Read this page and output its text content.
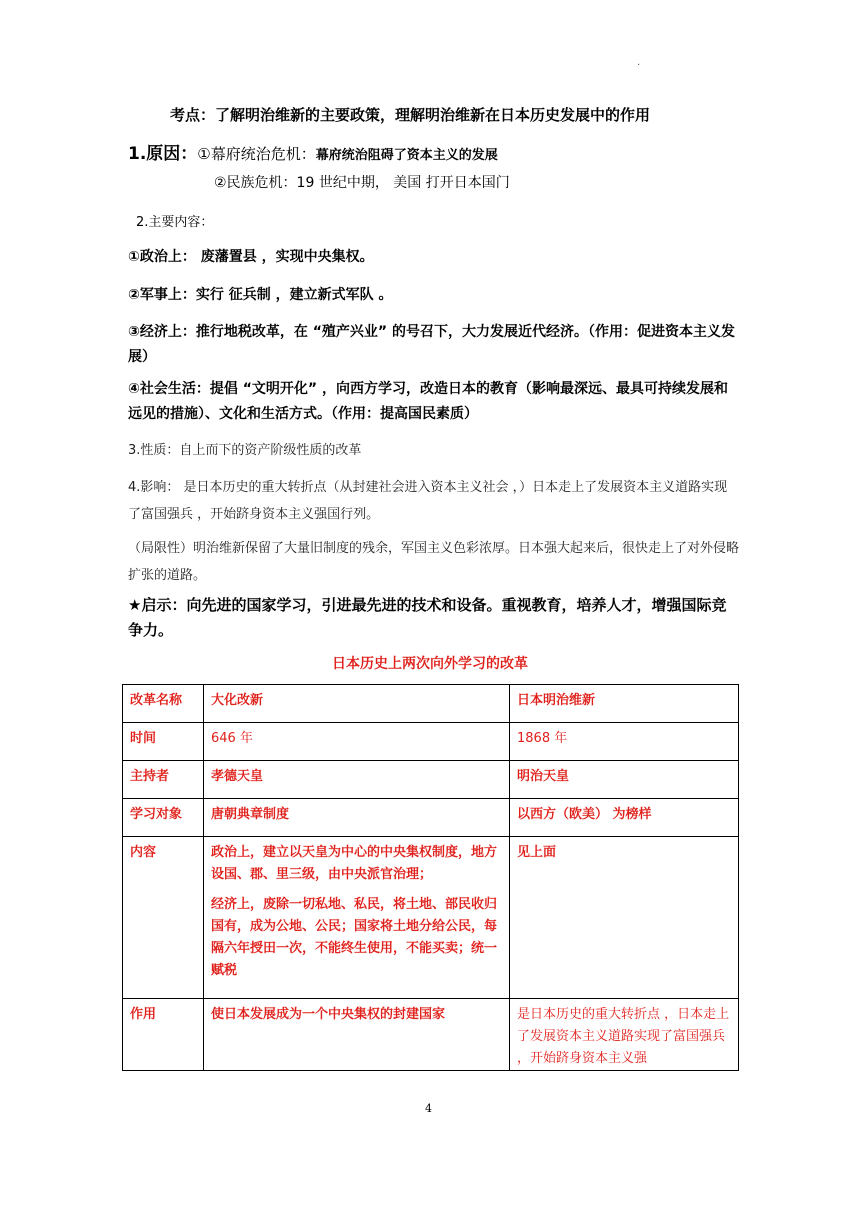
·
考点：了解明治维新的主要政策，理解明治维新在日本历史发展中的作用
1.原因：①幕府统治危机：幕府统治阻碍了资本主义的发展
②民族危机：19 世纪中期， 美国 打开日本国门
2.主要内容：
①政治上： 废藩置县 ，实现中央集权。
②军事上：实行 征兵制 ，建立新式军队 。
③经济上：推行地税改革，在 “殖产兴业” 的号召下，大力发展近代经济。（作用：促进资本主义发展）
④社会生活：提倡 “文明开化” ，向西方学习，改造日本的教育（影响最深远、最具可持续发展和远见的措施）、文化和生活方式。（作用：提高国民素质）
3.性质：自上而下的资产阶级性质的改革
4.影响： 是日本历史的重大转折点（从封建社会进入资本主义社会 ，）日本走上了发展资本主义道路实现了富国强兵 ，开始跻身资本主义强国行列。
（局限性）明治维新保留了大量旧制度的残余，军国主义色彩浓厚。日本强大起来后，很快走上了对外侵略扩张的道路。
★启示：向先进的国家学习，引进最先进的技术和设备。重视教育，培养人才，增强国际竞争力。
日本历史上两次向外学习的改革
改革名称	大化改新	日本明治维新
时间	646 年	1868 年
主持者	孝德天皇	明治天皇
学习对象	唐朝典章制度	以西方（欧美） 为榜样
内容	政治上，建立以天皇为中心的中央集权制度，地方设国、郡、里三级，由中央派官治理；

经济上，废除一切私地、私民，将土地、部民收归国有，成为公地、公民；国家将土地分给公民，每隔六年授田一次，不能终生使用，不能买卖；统一赋税	见上面
作用	使日本发展成为一个中央集权的封建国家	是日本历史的重大转折点 ，日本走上了发展资本主义道路实现了富国强兵 ，开始跻身资本主义强
4
